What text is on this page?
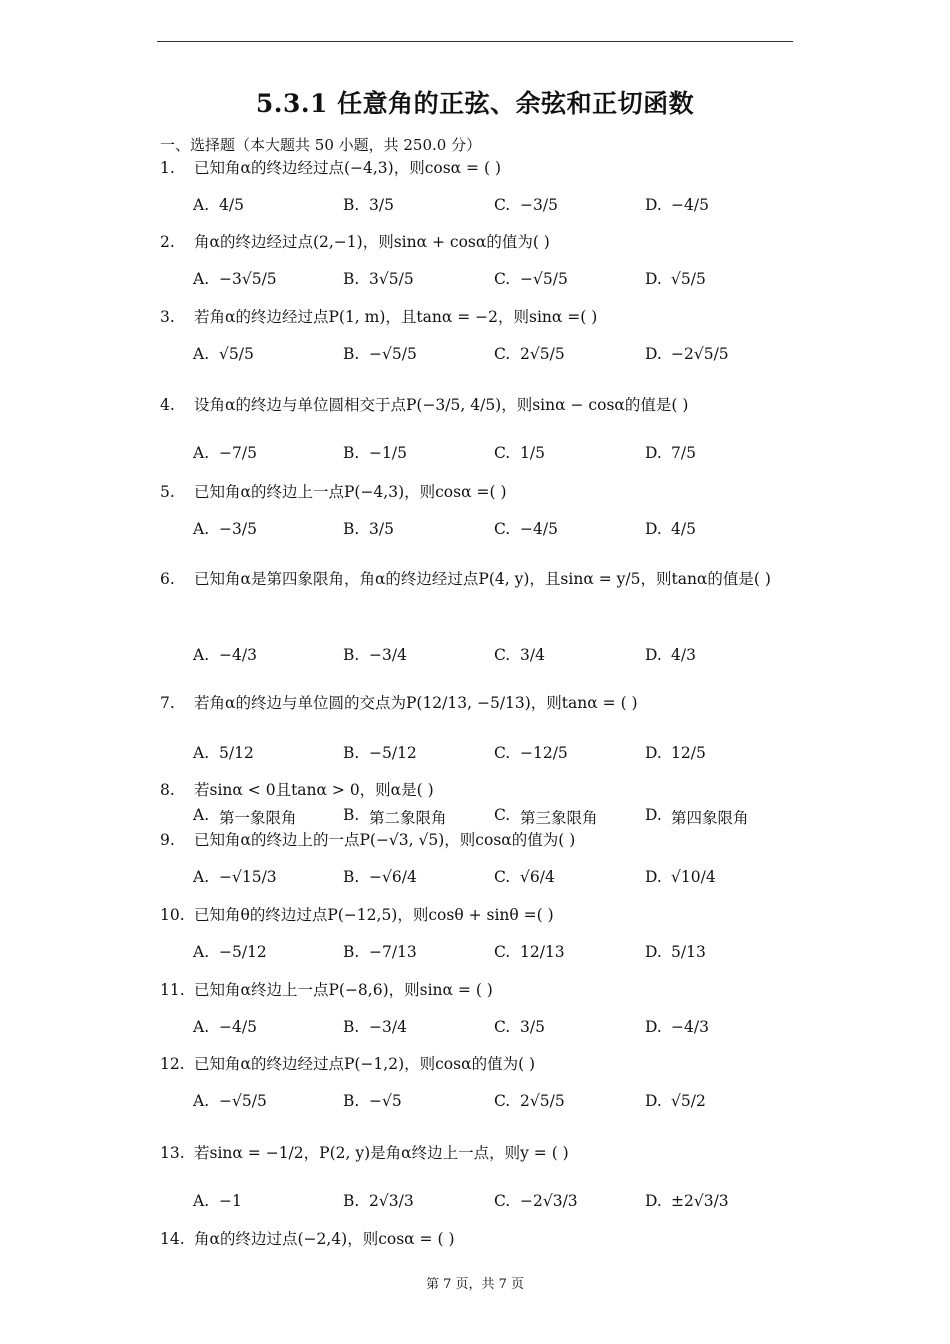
5.3.1 任意角的正弦、余弦和正切函数
一、选择题（本大题共 50 小题，共 250.0 分）
1. 已知角α的终边经过点(−4,3)，则cosα = ( )
A. 4/5	B. 3/5	C. −3/5	D. −4/5
2. 角α的终边经过点(2,−1)，则sinα + cosα的值为( )
A. −3√5/5	B. 3√5/5	C. −√5/5	D. √5/5
3. 若角α的终边经过点P(1, m)，且tanα = −2，则sinα =( )
A. √5/5	B. −√5/5	C. 2√5/5	D. −2√5/5
4. 设角α的终边与单位圆相交于点P(−3/5, 4/5)，则sinα − cosα的值是( )
A. −7/5	B. −1/5	C. 1/5	D. 7/5
5. 已知角α的终边上一点P(−4,3)，则cosα =( )
A. −3/5	B. 3/5	C. −4/5	D. 4/5
6. 已知角α是第四象限角，角α的终边经过点P(4, y)，且sinα = y/5，则tanα的值是( )
A. −4/3	B. −3/4	C. 3/4	D. 4/3
7. 若角α的终边与单位圆的交点为P(12/13, −5/13)，则tanα = ( )
A. 5/12	B. −5/12	C. −12/5	D. 12/5
8. 若sinα < 0且tanα > 0，则α是( )
A. 第一象限角	B. 第二象限角	C. 第三象限角	D. 第四象限角
9. 已知角α的终边上的一点P(−√3, √5)，则cosα的值为( )
A. −√15/3	B. −√6/4	C. √6/4	D. √10/4
10. 已知角θ的终边过点P(−12,5)，则cosθ + sinθ =( )
A. −5/12	B. −7/13	C. 12/13	D. 5/13
11. 已知角α终边上一点P(−8,6)，则sinα = ( )
A. −4/5	B. −3/4	C. 3/5	D. −4/3
12. 已知角α的终边经过点P(−1,2)，则cosα的值为( )
A. −√5/5	B. −√5	C. 2√5/5	D. √5/2
13. 若sinα = −1/2，P(2, y)是角α终边上一点，则y = ( )
A. −1	B. 2√3/3	C. −2√3/3	D. ±2√3/3
14. 角α的终边过点(−2,4)，则cosα = ( )
第 7 页，共 7 页
